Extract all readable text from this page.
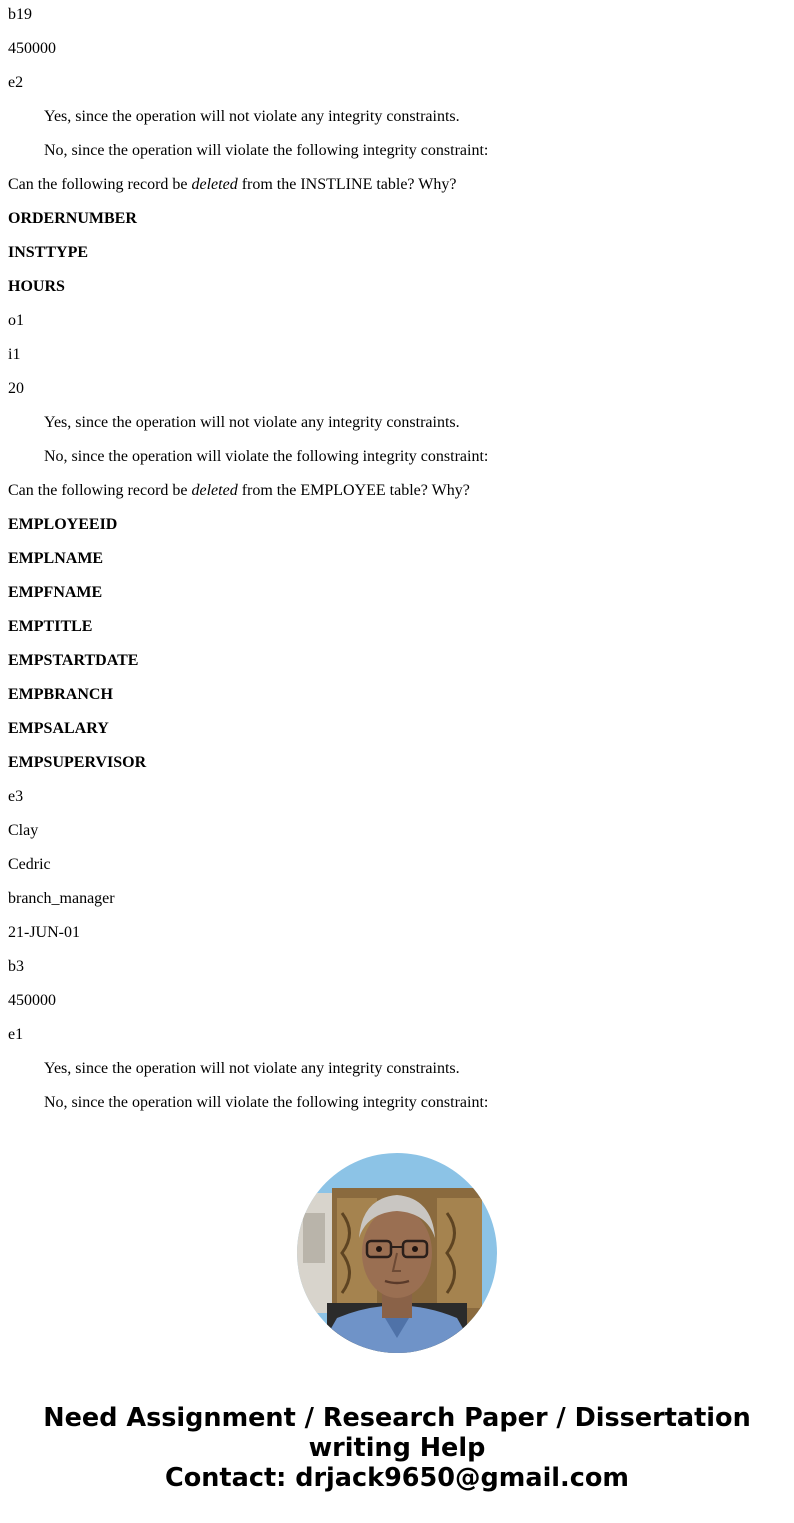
b19
450000
e2
Yes, since the operation will not violate any integrity constraints.
No, since the operation will violate the following integrity constraint:
Can the following record be deleted from the INSTLINE table? Why?
ORDERNUMBER
INSTTYPE
HOURS
o1
i1
20
Yes, since the operation will not violate any integrity constraints.
No, since the operation will violate the following integrity constraint:
Can the following record be deleted from the EMPLOYEE table? Why?
EMPLOYEEID
EMPLNAME
EMPFNAME
EMPTITLE
EMPSTARTDATE
EMPBRANCH
EMPSALARY
EMPSUPERVISOR
e3
Clay
Cedric
branch_manager
21-JUN-01
b3
450000
e1
Yes, since the operation will not violate any integrity constraints.
No, since the operation will violate the following integrity constraint:
Need Assignment / Research Paper / Dissertation
writing Help
Contact: drjack9650@gmail.com
